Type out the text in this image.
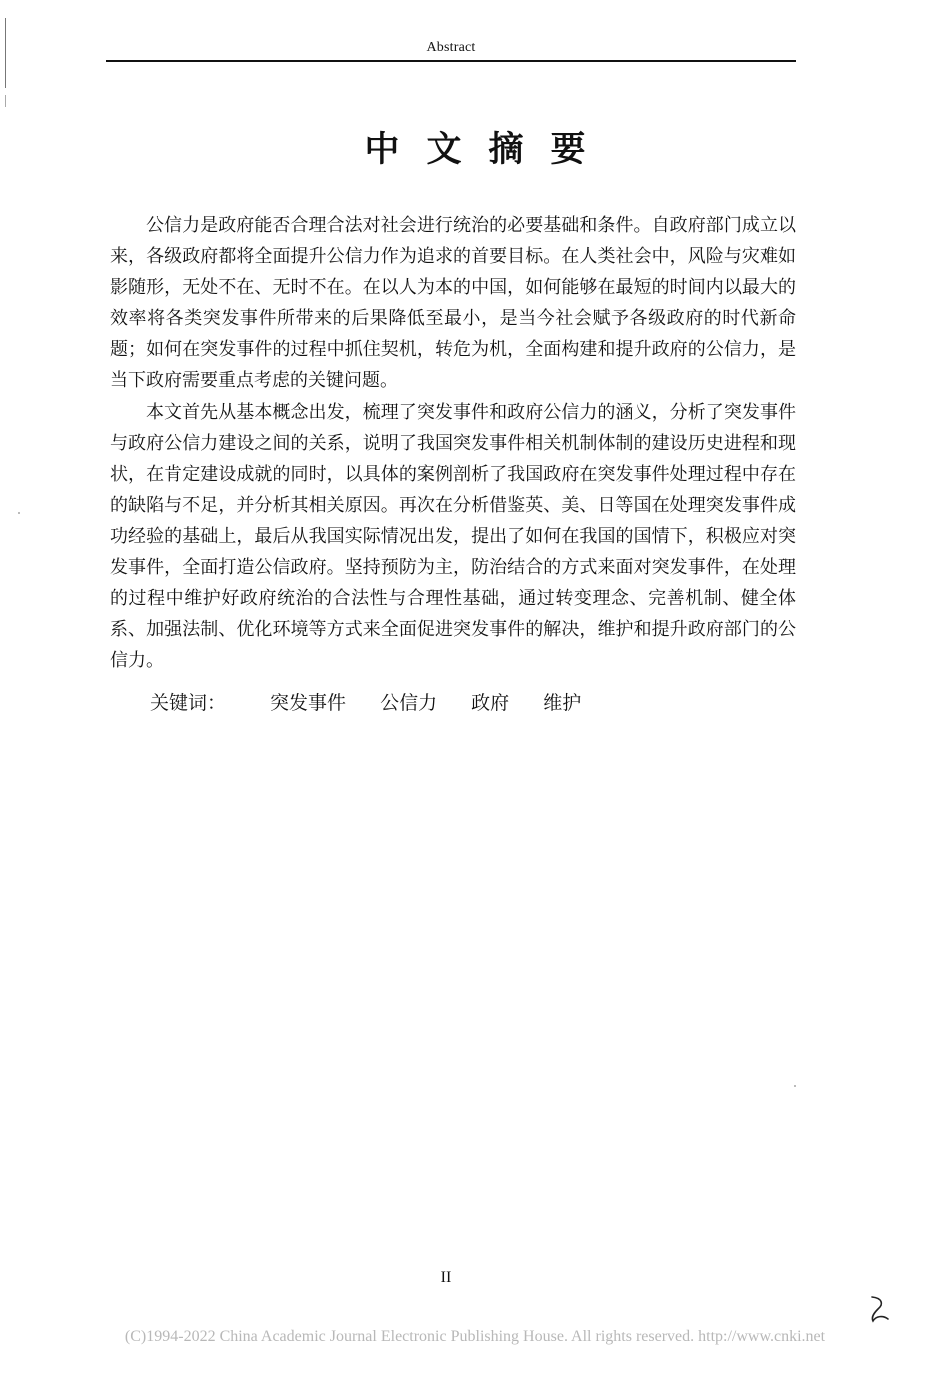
Abstract
中文摘要

公信力是政府能否合理合法对社会进行统治的必要基础和条件。自政府部门成立以来，各级政府都将全面提升公信力作为追求的首要目标。在人类社会中，风险与灾难如影随形，无处不在、无时不在。在以人为本的中国，如何能够在最短的时间内以最大的效率将各类突发事件所带来的后果降低至最小，是当今社会赋予各级政府的时代新命题；如何在突发事件的过程中抓住契机，转危为机，全面构建和提升政府的公信力，是当下政府需要重点考虑的关键问题。

本文首先从基本概念出发，梳理了突发事件和政府公信力的涵义，分析了突发事件与政府公信力建设之间的关系，说明了我国突发事件相关机制体制的建设历史进程和现状，在肯定建设成就的同时，以具体的案例剖析了我国政府在突发事件处理过程中存在的缺陷与不足，并分析其相关原因。再次在分析借鉴英、美、日等国在处理突发事件成功经验的基础上，最后从我国实际情况出发，提出了如何在我国的国情下，积极应对突发事件，全面打造公信政府。坚持预防为主，防治结合的方式来面对突发事件，在处理的过程中维护好政府统治的合法性与合理性基础，通过转变理念、完善机制、健全体系、加强法制、优化环境等方式来全面促进突发事件的解决，维护和提升政府部门的公信力。

关键词： 突发事件 公信力 政府 维护
II
(C)1994-2022 China Academic Journal Electronic Publishing House. All rights reserved. http://www.cnki.net
